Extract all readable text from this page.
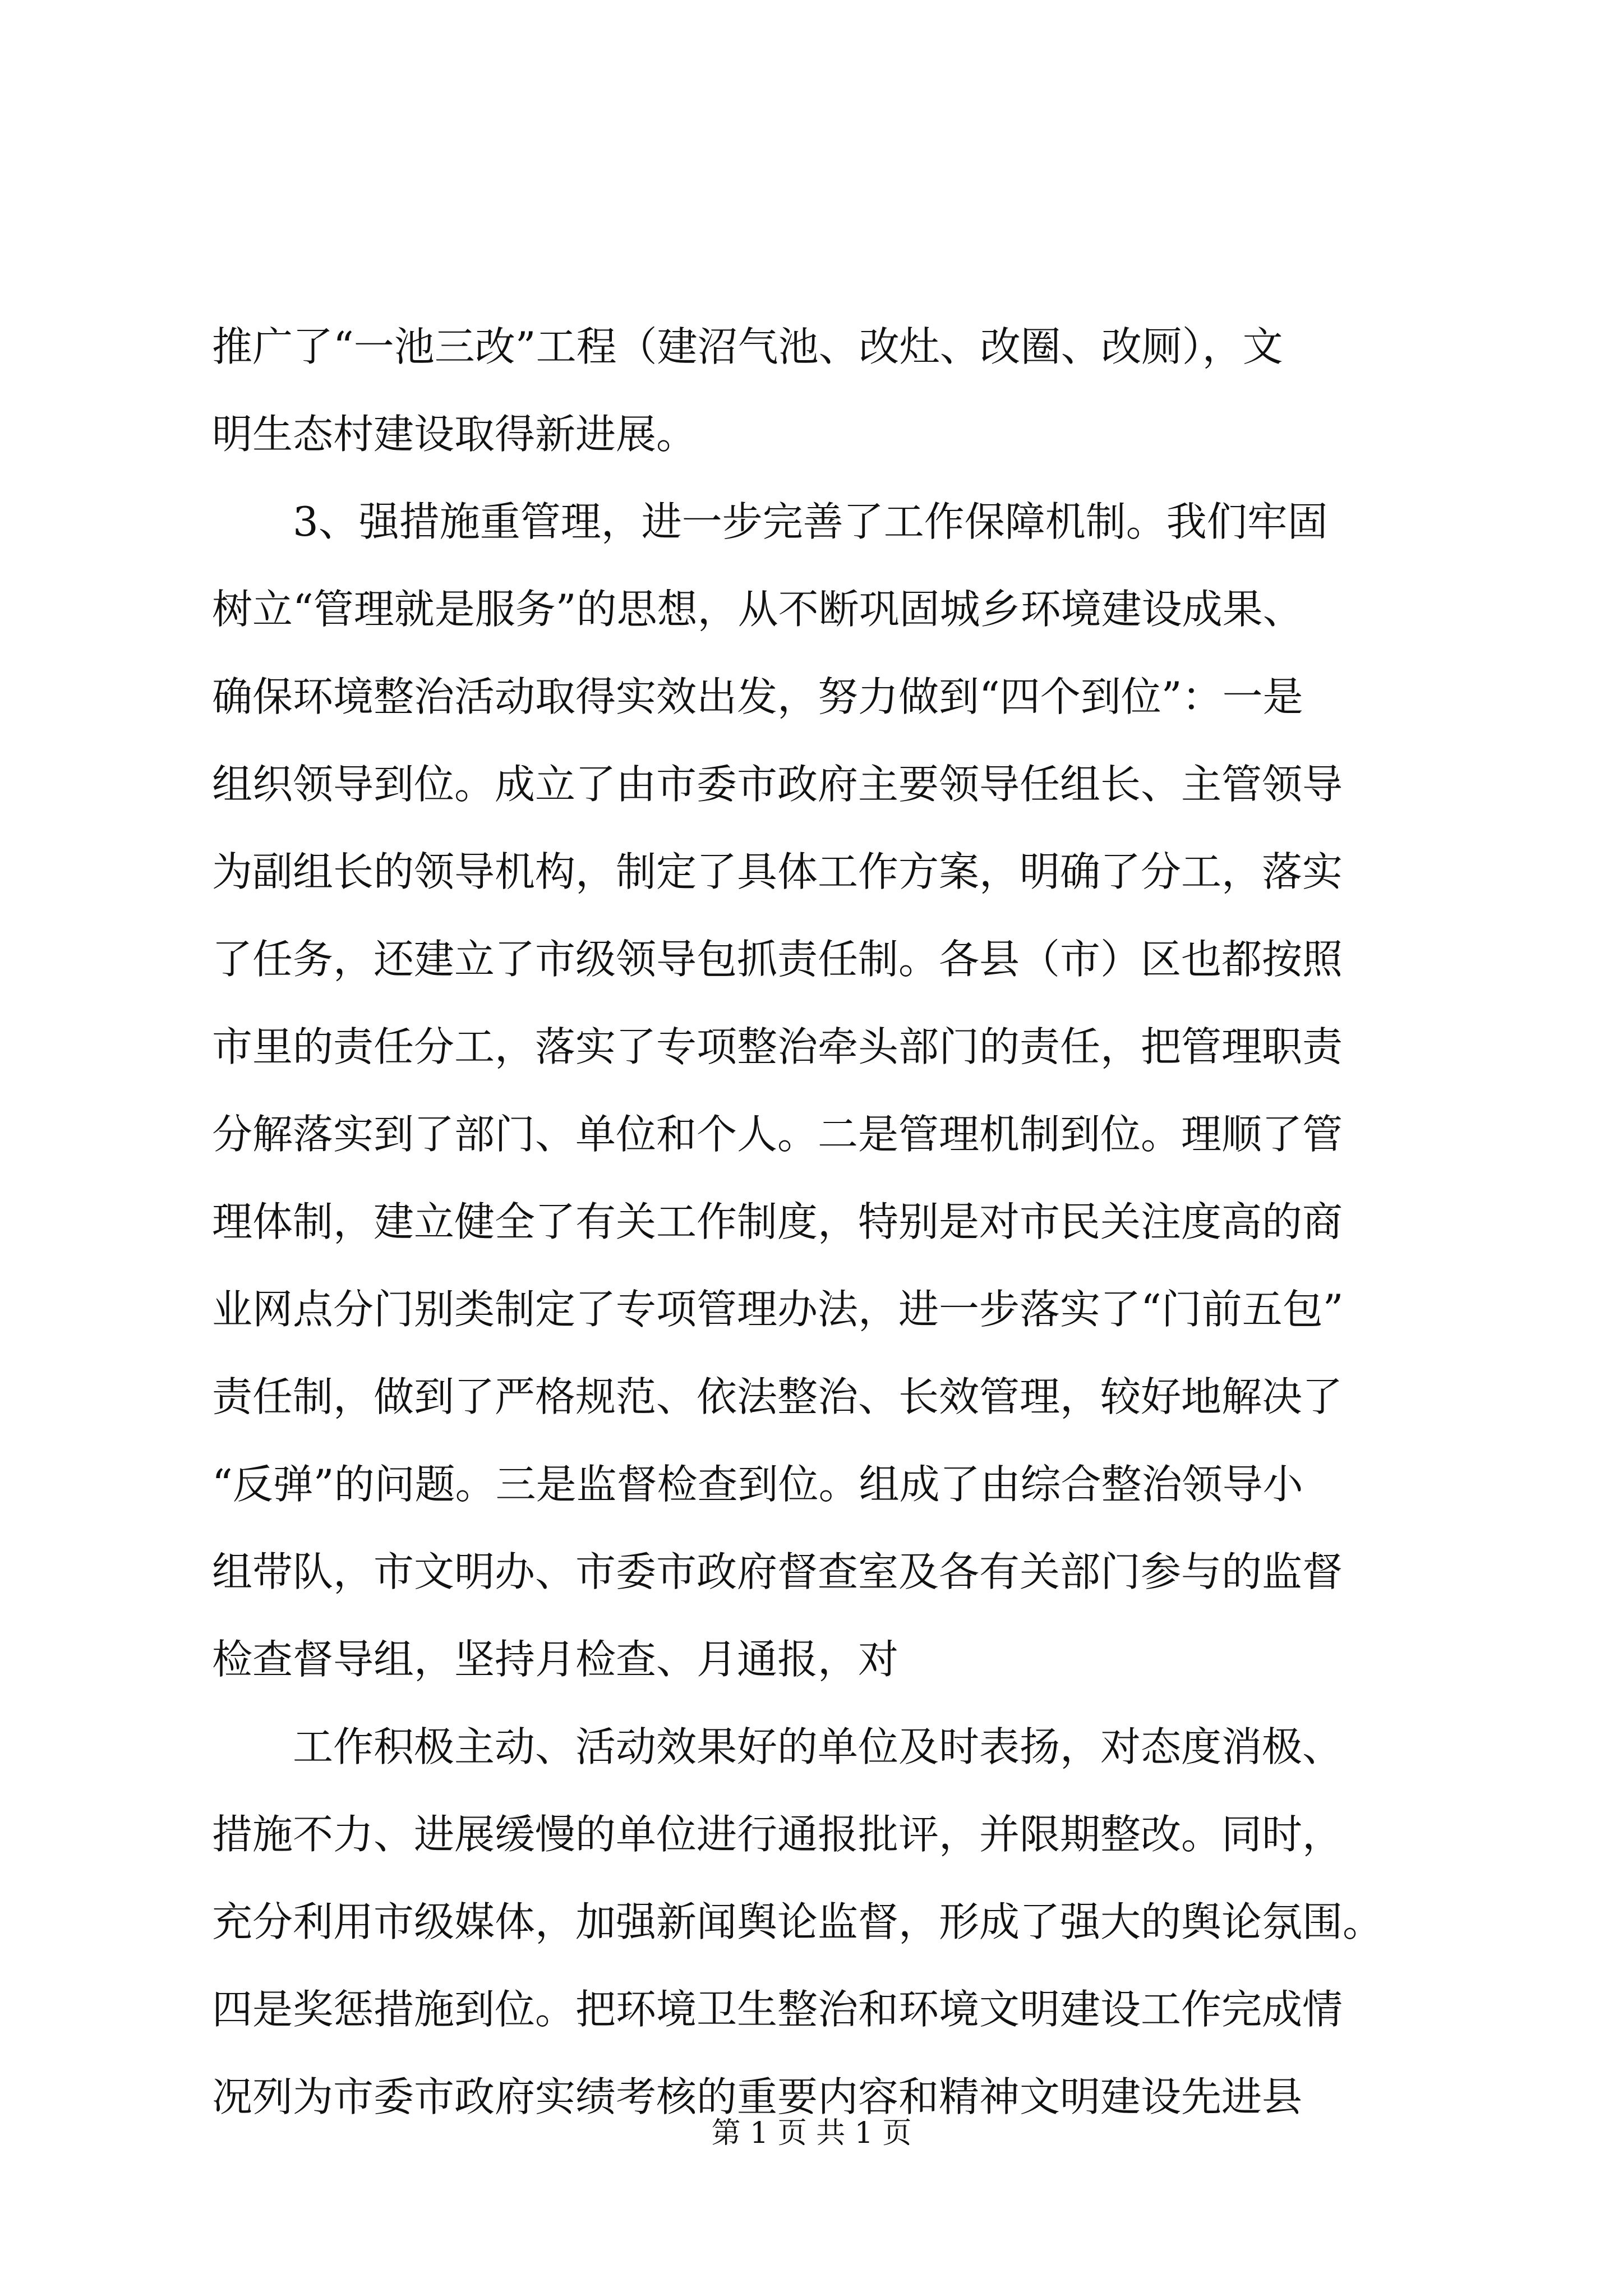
推广了“一池三改”工程（建沼气池、改灶、改圈、改厕），文
明生态村建设取得新进展。
　　3、强措施重管理，进一步完善了工作保障机制。我们牢固
树立“管理就是服务”的思想，从不断巩固城乡环境建设成果、
确保环境整治活动取得实效出发，努力做到“四个到位”：一是
组织领导到位。成立了由市委市政府主要领导任组长、主管领导
为副组长的领导机构，制定了具体工作方案，明确了分工，落实
了任务，还建立了市级领导包抓责任制。各县（市）区也都按照
市里的责任分工，落实了专项整治牵头部门的责任，把管理职责
分解落实到了部门、单位和个人。二是管理机制到位。理顺了管
理体制，建立健全了有关工作制度，特别是对市民关注度高的商
业网点分门别类制定了专项管理办法，进一步落实了“门前五包”
责任制，做到了严格规范、依法整治、长效管理，较好地解决了
“反弹”的问题。三是监督检查到位。组成了由综合整治领导小
组带队，市文明办、市委市政府督查室及各有关部门参与的监督
检查督导组，坚持月检查、月通报，对
　　工作积极主动、活动效果好的单位及时表扬，对态度消极、
措施不力、进展缓慢的单位进行通报批评，并限期整改。同时，
充分利用市级媒体，加强新闻舆论监督，形成了强大的舆论氛围。
四是奖惩措施到位。把环境卫生整治和环境文明建设工作完成情
况列为市委市政府实绩考核的重要内容和精神文明建设先进县
第 1 页 共 1 页
